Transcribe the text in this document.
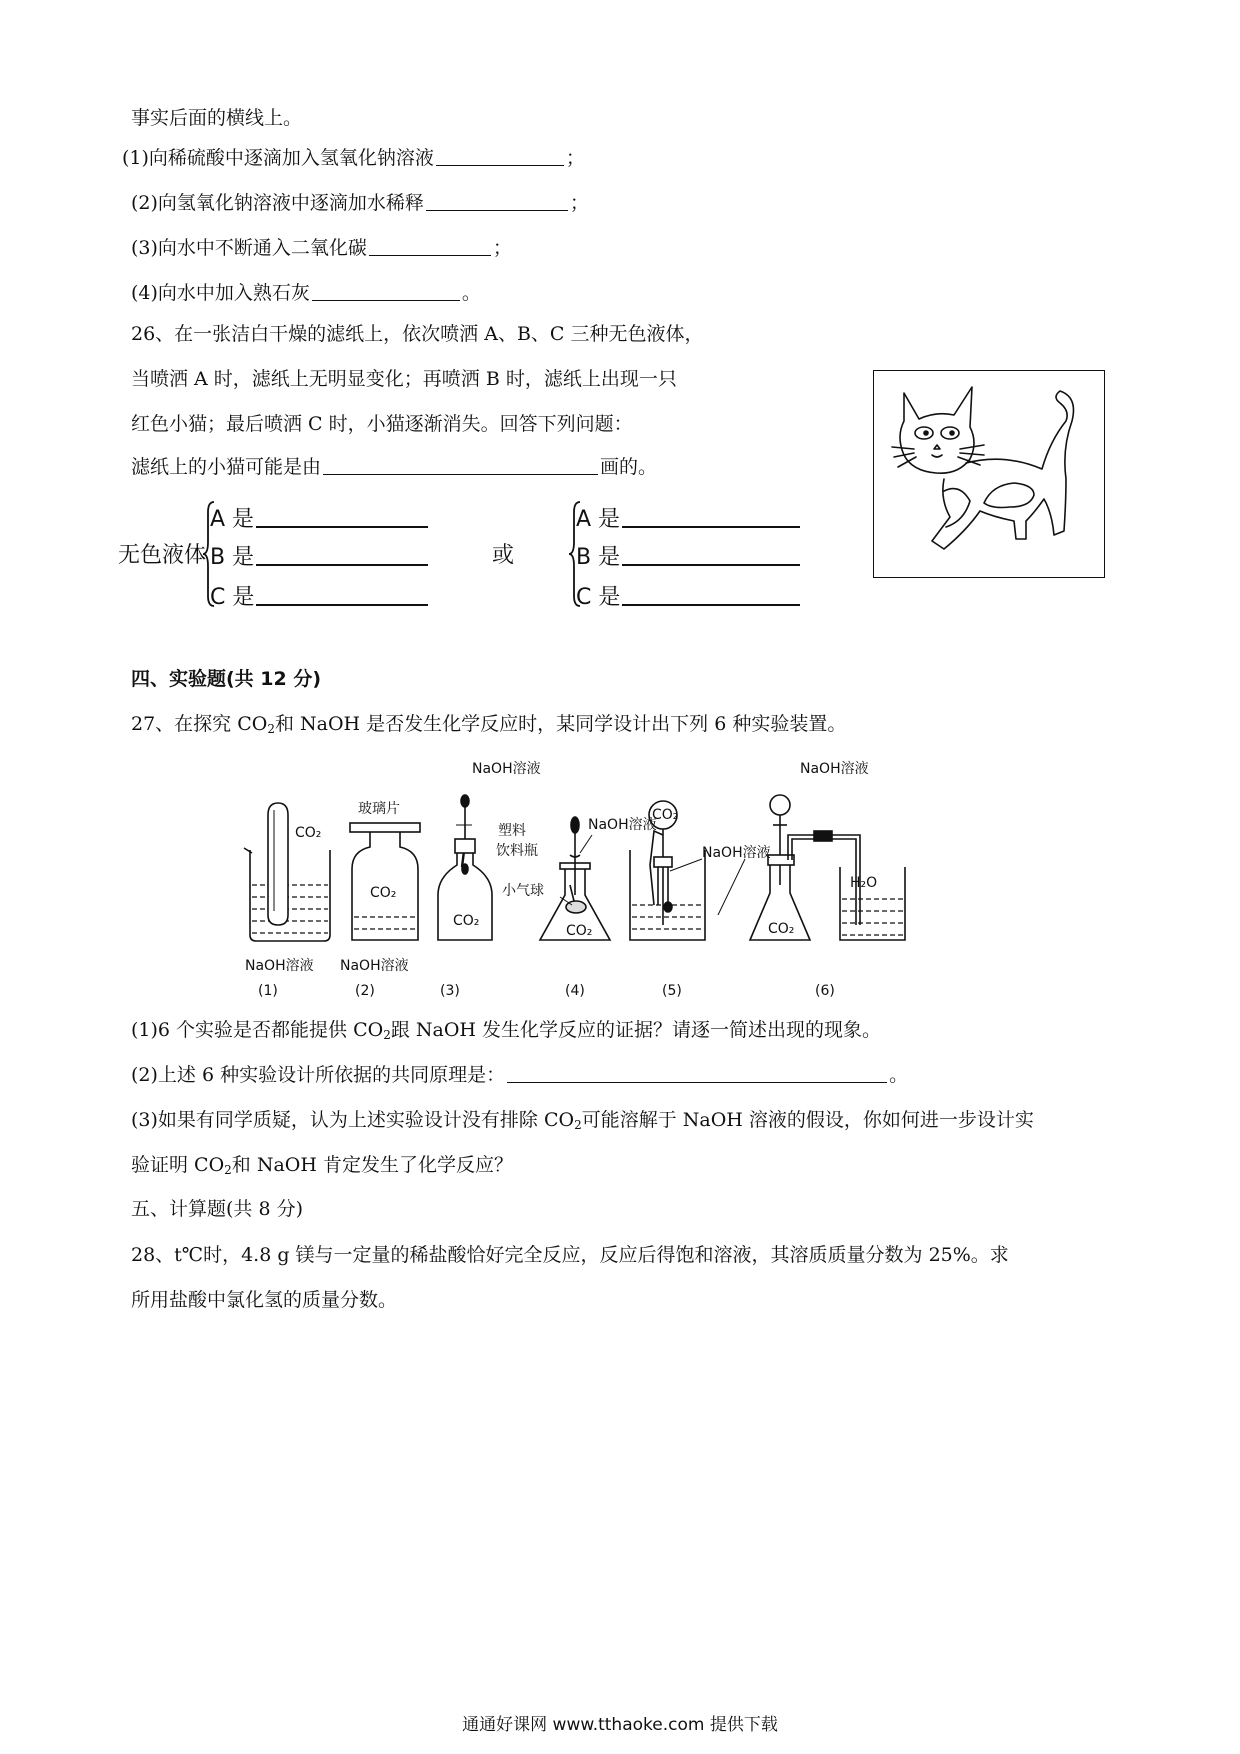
事实后面的横线上。
(1)向稀硫酸中逐滴加入氢氧化钠溶液	；
(2)向氢氧化钠溶液中逐滴加水稀释	；
(3)向水中不断通入二氧化碳	；
(4)向水中加入熟石灰	。
26、在一张洁白干燥的滤纸上，依次喷洒 A、B、C 三种无色液体，
当喷洒 A 时，滤纸上无明显变化；再喷洒 B 时，滤纸上出现一只
红色小猫；最后喷洒 C 时，小猫逐渐消失。回答下列问题：
滤纸上的小猫可能是由	画的。
无色液体
A 是
B 是
C 是
或
A 是
B 是
C 是
四、实验题(共 12 分)
27、在探究 $CO_2$和 NaOH 是否发生化学反应时，某同学设计出下列 6 种实验装置。
CO₂
NaOH溶液
玻璃片
CO₂
NaOH溶液
NaOH溶液
塑料
饮料瓶
CO₂
NaOH溶液
小气球
CO₂
CO₂
NaOH溶液
NaOH溶液
CO₂
H₂O
(1)	(2)	(3)	(4)	(5)	(6)
(1)6 个实验是否都能提供 $CO_2$跟 NaOH 发生化学反应的证据？请逐一简述出现的现象。
(2)上述 6 种实验设计所依据的共同原理是：	。
(3)如果有同学质疑，认为上述实验设计没有排除 $CO_2$可能溶解于 NaOH 溶液的假设，你如何进一步设计实
验证明 $CO_2$和 NaOH 肯定发生了化学反应？
五、计算题(共 8 分)
28、t℃时，4.8 g 镁与一定量的稀盐酸恰好完全反应，反应后得饱和溶液，其溶质质量分数为 25%。求
所用盐酸中氯化氢的质量分数。
通通好课网 www.tthaoke.com 提供下载
